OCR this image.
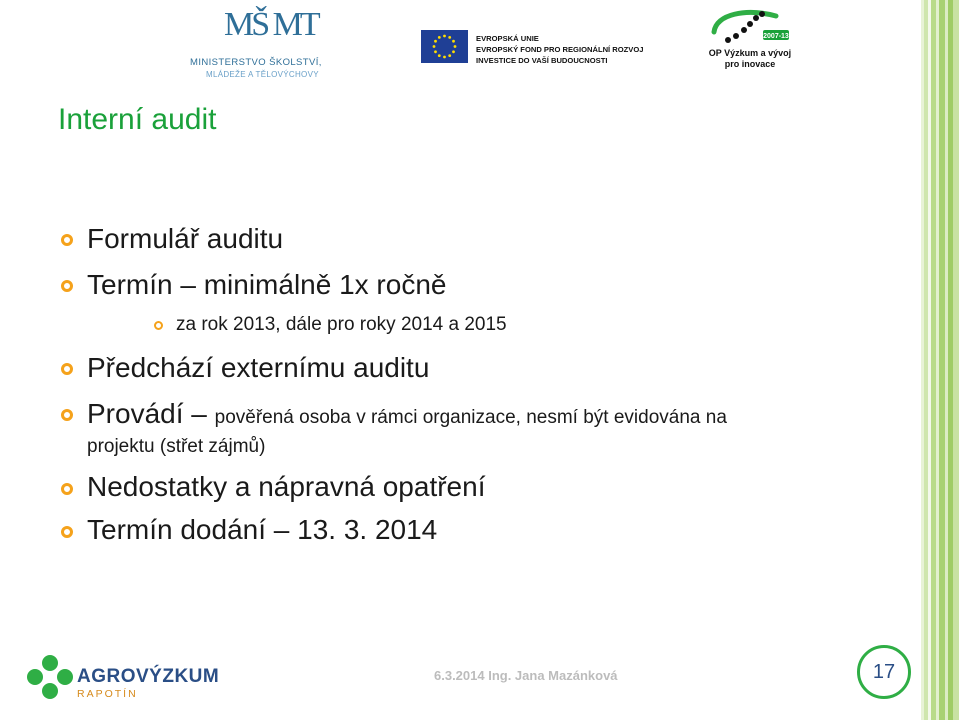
MŠ MT
MINISTERSTVO ŠKOLSTVÍ,
MLÁDEŽE A TĚLOVÝCHOVY
EVROPSKÁ UNIE
EVROPSKÝ FOND PRO REGIONÁLNÍ ROZVOJ
INVESTICE DO VAŠÍ BUDOUCNOSTI
2007-13
OP Výzkum a vývoj
pro inovace
Interní audit
Formulář auditu
Termín – minimálně 1x ročně
za rok 2013, dále pro roky 2014 a 2015
Předchází externímu auditu
Provádí – pověřená osoba v rámci organizace, nesmí být evidována na
projektu (střet zájmů)
Nedostatky a nápravná opatření
Termín dodání – 13. 3. 2014
AGROVÝZKUM
RAPOTÍN
6.3.2014 Ing. Jana Mazánková	17
